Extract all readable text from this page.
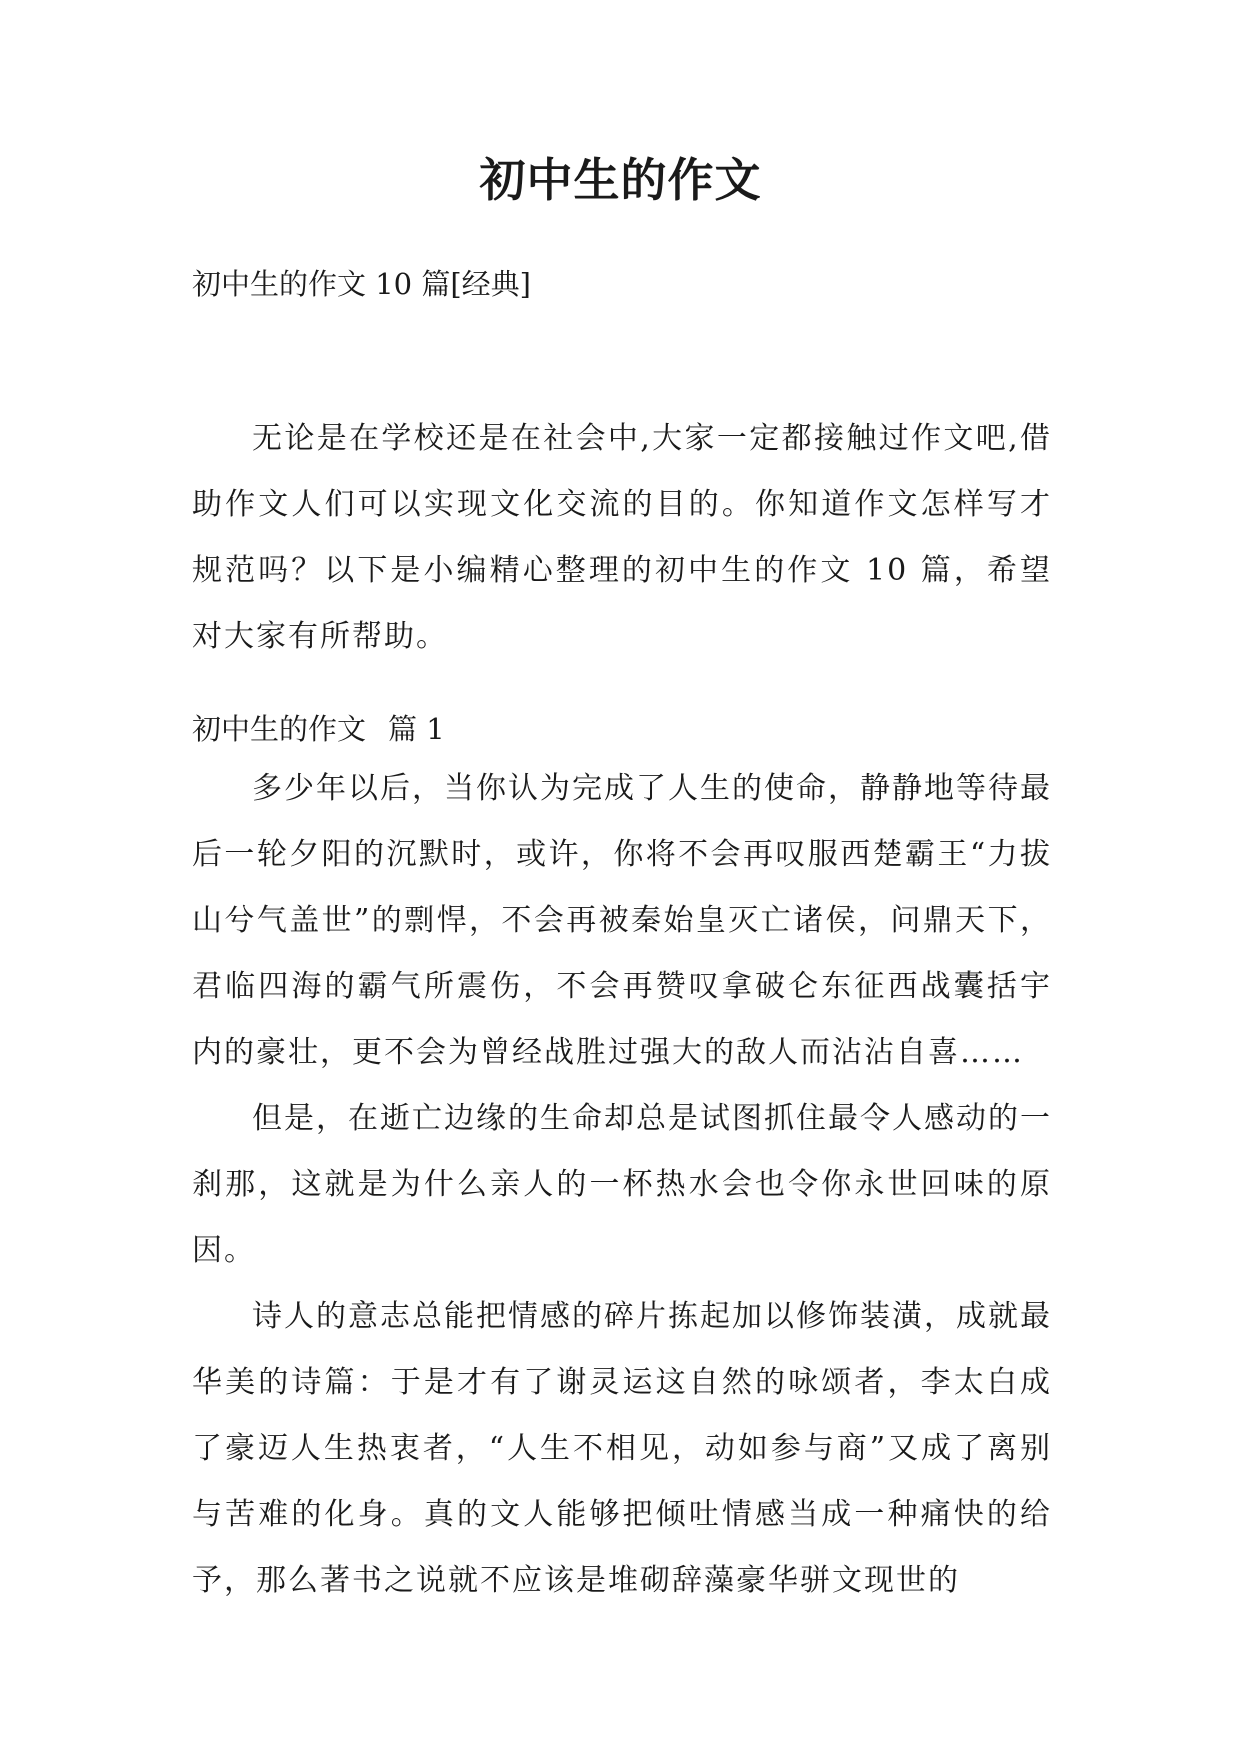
初中生的作文

初中生的作文 10 篇[经典]

无论是在学校还是在社会中,大家一定都接触过作文吧,借助作文人们可以实现文化交流的目的。你知道作文怎样写才规范吗？以下是小编精心整理的初中生的作文 10 篇，希望对大家有所帮助。

初中生的作文 篇 1

多少年以后，当你认为完成了人生的使命，静静地等待最后一轮夕阳的沉默时，或许，你将不会再叹服西楚霸王“力拔山兮气盖世”的剽悍，不会再被秦始皇灭亡诸侯，问鼎天下，君临四海的霸气所震伤，不会再赞叹拿破仑东征西战囊括宇内的豪壮，更不会为曾经战胜过强大的敌人而沾沾自喜……

但是，在逝亡边缘的生命却总是试图抓住最令人感动的一刹那，这就是为什么亲人的一杯热水会也令你永世回味的原因。

诗人的意志总能把情感的碎片拣起加以修饰装潢，成就最华美的诗篇：于是才有了谢灵运这自然的咏颂者，李太白成了豪迈人生热衷者，“人生不相见，动如参与商”又成了离别与苦难的化身。真的文人能够把倾吐情感当成一种痛快的给予，那么著书之说就不应该是堆砌辞藻豪华骈文现世的
